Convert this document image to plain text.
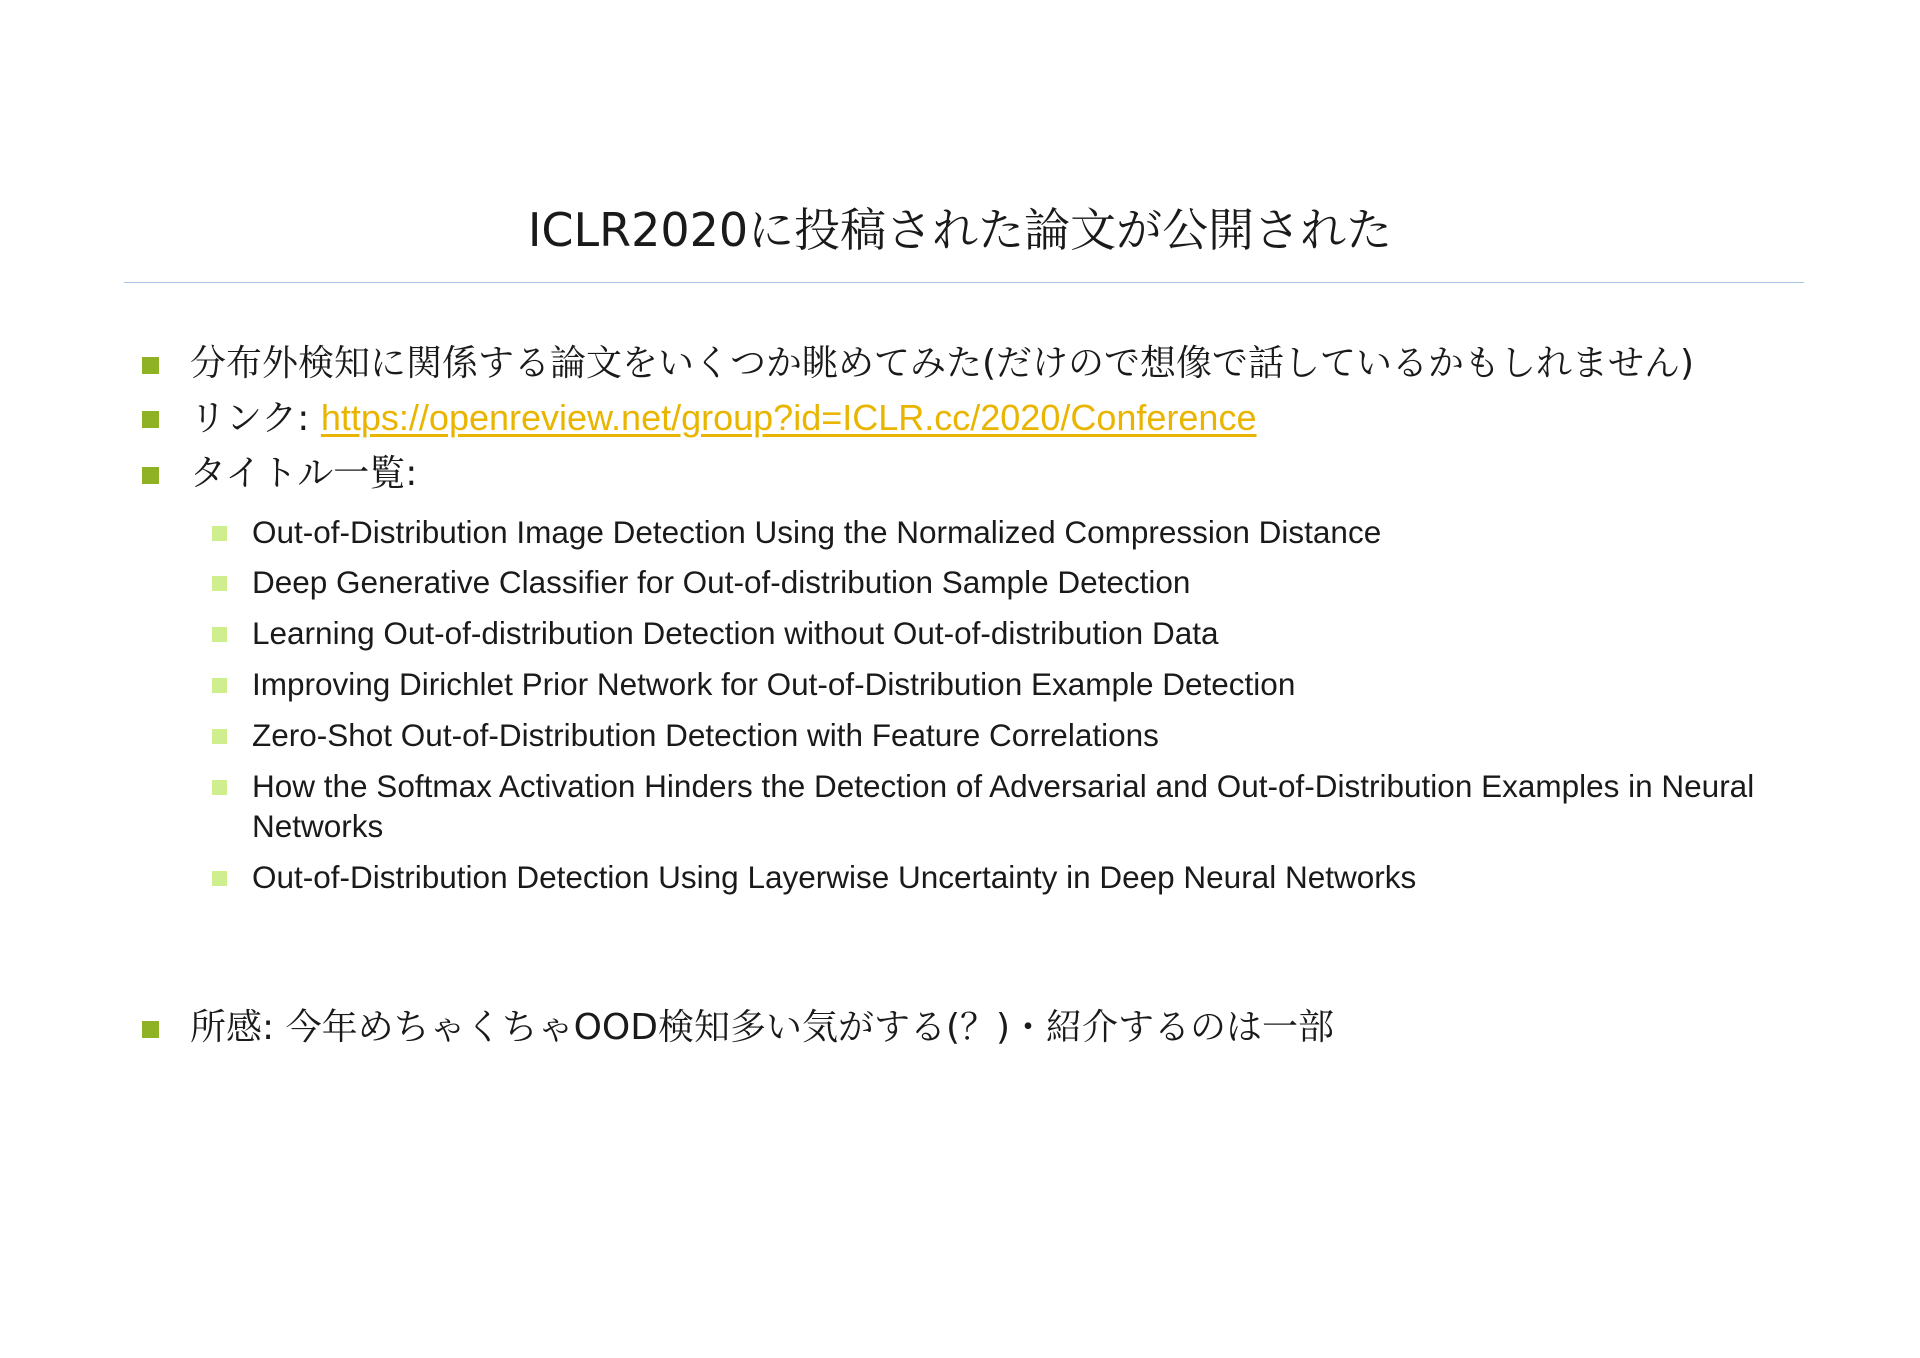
ICLR2020に投稿された論文が公開された
分布外検知に関係する論文をいくつか眺めてみた(だけので想像で話しているかもしれません)
リンク: https://openreview.net/group?id=ICLR.cc/2020/Conference
タイトル一覧:
Out-of-Distribution Image Detection Using the Normalized Compression Distance
Deep Generative Classifier for Out-of-distribution Sample Detection
Learning Out-of-distribution Detection without Out-of-distribution Data
Improving Dirichlet Prior Network for Out-of-Distribution Example Detection
Zero-Shot Out-of-Distribution Detection with Feature Correlations
How the Softmax Activation Hinders the Detection of Adversarial and Out-of-Distribution Examples in Neural Networks
Out-of-Distribution Detection Using Layerwise Uncertainty in Deep Neural Networks
所感: 今年めちゃくちゃOOD検知多い気がする(？)・紹介するのは一部
